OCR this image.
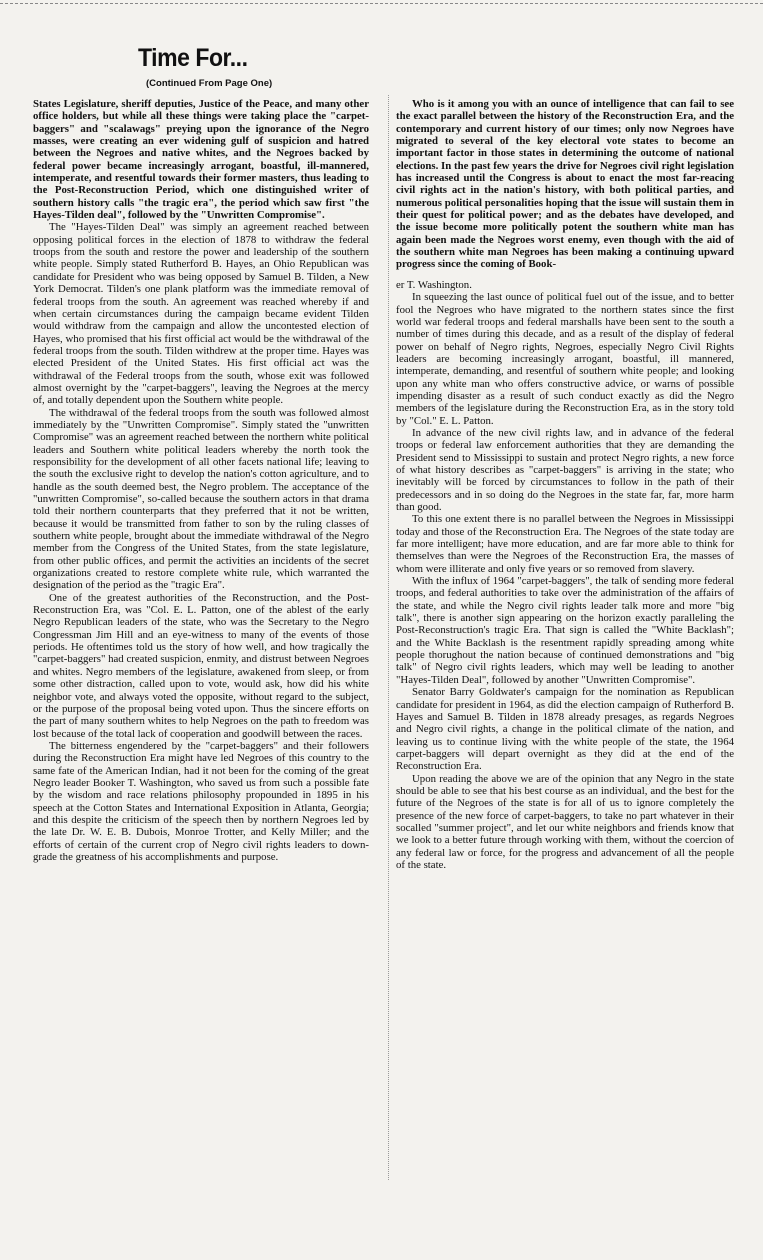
Time For...

(Continued From Page One)

States Legislature, sheriff deputies, Justice of the Peace, and many other office holders, but while all these things were taking place the "carpet-baggers" and "scalawags" preying upon the ignorance of the Negro masses, were creating an ever widening gulf of suspicion and hatred between the Negroes and native whites, and the Negroes backed by federal power became increasingly arrogant, boastful, ill-mannered, intemperate, and resentful towards their former masters, thus leading to the Post-Reconstruction Period, which one distinguished writer of southern history calls "the tragic era", the period which saw first "the Hayes-Tilden deal", followed by the "Unwritten Compromise".

The "Hayes-Tilden Deal" was simply an agreement reached between opposing political forces in the election of 1878 to withdraw the federal troops from the south and restore the power and leadership of the southern white people. Simply stated Rutherford B. Hayes, an Ohio Republican was candidate for President who was being opposed by Samuel B. Tilden, a New York Democrat. Tilden's one plank platform was the immediate removal of federal troops from the south. An agreement was reached whereby if and when certain circumstances during the campaign became evident Tilden would withdraw from the campaign and allow the uncontested election of Hayes, who promised that his first official act would be the withdrawal of the federal troops from the south. Tilden withdrew at the proper time. Hayes was elected President of the United States. His first official act was the withdrawal of the Federal troops from the south, whose exit was followed almost overnight by the "carpet-baggers", leaving the Negroes at the mercy of, and totally dependent upon the Southern white people.

The withdrawal of the federal troops from the south was followed almost immediately by the "Unwritten Compromise". Simply stated the "unwritten Compromise" was an agreement reached between the northern white political leaders and Southern white political leaders whereby the north took the responsibility for the development of all other facets national life; leaving to the south the exclusive right to develop the nation's cotton agriculture, and to handle as the south deemed best, the Negro problem. The acceptance of the "unwritten Compromise", so-called because the southern actors in that drama told their northern counterparts that they preferred that it not be written, because it would be transmitted from father to son by the ruling classes of southern white people, brought about the immediate withdrawal of the Negro member from the Congress of the United States, from the state legislature, from other public offices, and permit the activities an incidents of the secret organizations created to restore complete white rule, which warranted the designation of the period as the "tragic Era".

One of the greatest authorities of the Reconstruction, and the Post-Reconstruction Era, was "Col. E. L. Patton, one of the ablest of the early Negro Republican leaders of the state, who was the Secretary to the Negro Congressman Jim Hill and an eye-witness to many of the events of those periods. He oftentimes told us the story of how well, and how tragically the "carpet-baggers" had created suspicion, enmity, and distrust between Negroes and whites. Negro members of the legislature, awakened from sleep, or from some other distraction, called upon to vote, would ask, how did his white neighbor vote, and always voted the opposite, without regard to the subject, or the purpose of the proposal being voted upon. Thus the sincere efforts on the part of many southern whites to help Negroes on the path to freedom was lost because of the total lack of cooperation and goodwill between the races.

The bitterness engendered by the "carpet-baggers" and their followers during the Reconstruction Era might have led Negroes of this country to the same fate of the American Indian, had it not been for the coming of the great Negro leader Booker T. Washington, who saved us from such a possible fate by the wisdom and race relations philosophy propounded in 1895 in his speech at the Cotton States and International Exposition in Atlanta, Georgia; and this despite the criticism of the speech then by northern Negroes led by the late Dr. W. E. B. Dubois, Monroe Trotter, and Kelly Miller; and the efforts of certain of the current crop of Negro civil rights leaders to down-grade the greatness of his accomplishments and purpose.

Who is it among you with an ounce of intelligence that can fail to see the exact parallel between the history of the Reconstruction Era, and the contemporary and current history of our times; only now Negroes have migrated to several of the key electoral vote states to become an important factor in those states in determining the outcome of national elections. In the past few years the drive for Negroes civil right legislation has increased until the Congress is about to enact the most far-reacing civil rights act in the nation's history, with both political parties, and numerous political personalities hoping that the issue will sustain them in their quest for political power; and as the debates have developed, and the issue become more politically potent the southern white man has again been made the Negroes worst enemy, even though with the aid of the southern white man Negroes has been making a continuing upward progress since the coming of Book-

er T. Washington.

In squeezing the last ounce of political fuel out of the issue, and to better fool the Negroes who have migrated to the northern states since the first world war federal troops and federal marshalls have been sent to the south a number of times during this decade, and as a result of the display of federal power on behalf of Negro rights, Negroes, especially Negro Civil Rights leaders are becoming increasingly arrogant, boastful, ill mannered, intemperate, demanding, and resentful of southern white people; and looking upon any white man who offers constructive advice, or warns of possible impending disaster as a result of such conduct exactly as did the Negro members of the legislature during the Reconstruction Era, as in the story told by "Col." E. L. Patton.

In advance of the new civil rights law, and in advance of the federal troops or federal law enforcement authorities that they are demanding the President send to Mississippi to sustain and protect Negro rights, a new force of what history describes as "carpet-baggers" is arriving in the state; who inevitably will be forced by circumstances to follow in the path of their predecessors and in so doing do the Negroes in the state far, far, more harm than good.

To this one extent there is no parallel between the Negroes in Mississippi today and those of the Reconstruction Era. The Negroes of the state today are far more intelligent; have more education, and are far more able to think for themselves than were the Negroes of the Reconstruction Era, the masses of whom were illiterate and only five years or so removed from slavery.

With the influx of 1964 "carpet-baggers", the talk of sending more federal troops, and federal authorities to take over the administration of the affairs of the state, and while the Negro civil rights leader talk more and more "big talk", there is another sign appearing on the horizon exactly paralleling the Post-Reconstruction's tragic Era. That sign is called the "White Backlash"; and the White Backlash is the resentment rapidly spreading among white people thorughout the nation because of continued demonstrations and "big talk" of Negro civil rights leaders, which may well be leading to another "Hayes-Tilden Deal", followed by another "Unwritten Compromise".

Senator Barry Goldwater's campaign for the nomination as Republican candidate for president in 1964, as did the election campaign of Rutherford B. Hayes and Samuel B. Tilden in 1878 already presages, as regards Negroes and Negro civil rights, a change in the political climate of the nation, and leaving us to continue living with the white people of the state, the 1964 carpet-baggers will depart overnight as they did at the end of the Reconstruction Era.

Upon reading the above we are of the opinion that any Negro in the state should be able to see that his best course as an individual, and the best for the future of the Negroes of the state is for all of us to ignore completely the presence of the new force of carpet-baggers, to take no part whatever in their socalled "summer project", and let our white neighbors and friends know that we look to a better future through working with them, without the coercion of any federal law or force, for the progress and advancement of all the people of the state.
